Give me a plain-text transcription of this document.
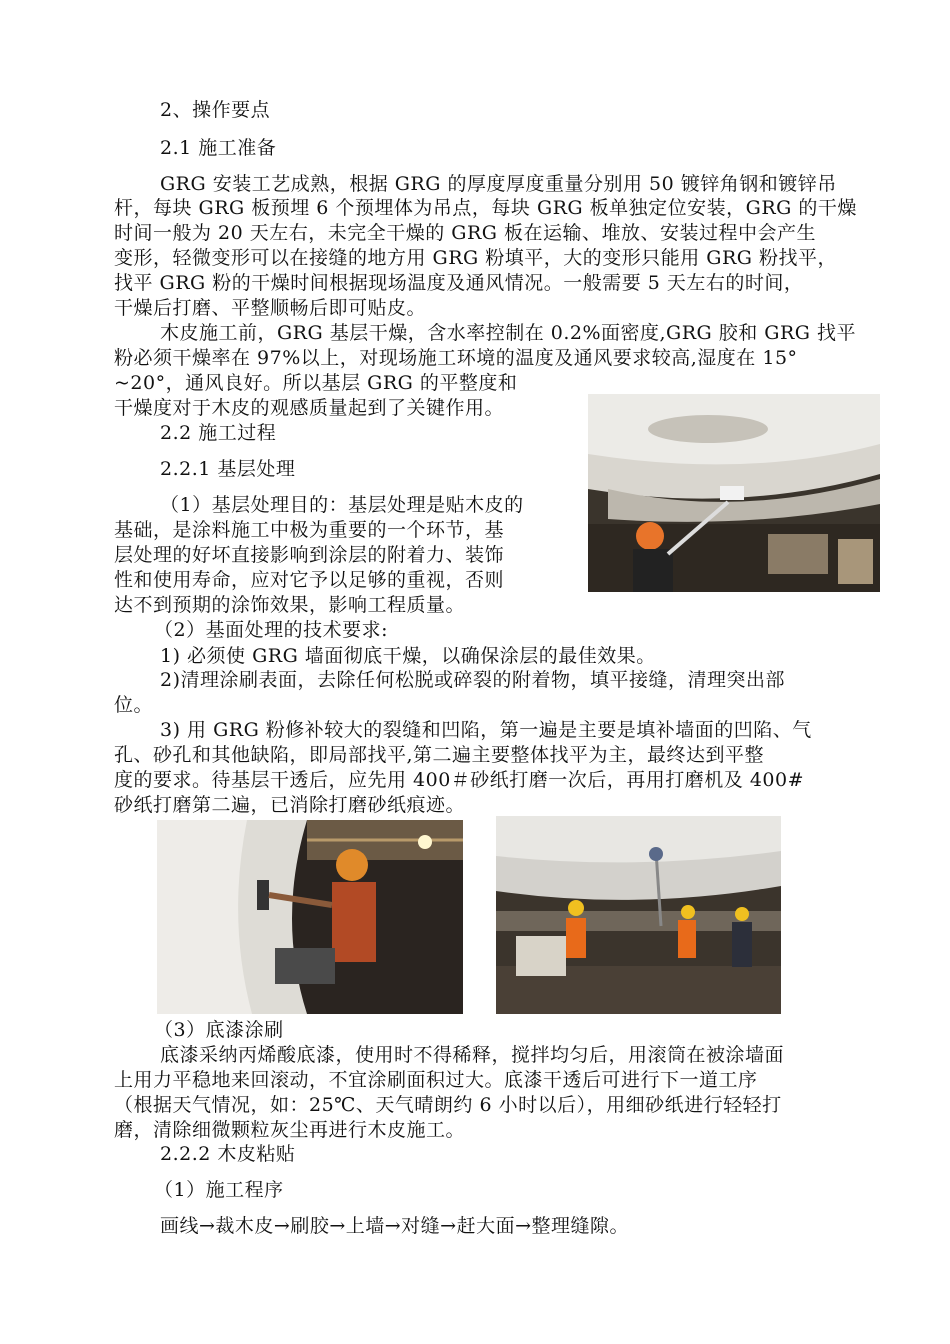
2、操作要点
2.1 施工准备
GRG 安装工艺成熟，根据 GRG 的厚度厚度重量分别用 50 镀锌角钢和镀锌吊
杆，每块 GRG 板预埋 6 个预埋体为吊点，每块 GRG 板单独定位安装，GRG 的干燥
时间一般为 20 天左右，未完全干燥的 GRG 板在运输、堆放、安装过程中会产生
变形，轻微变形可以在接缝的地方用 GRG 粉填平，大的变形只能用 GRG 粉找平，
找平 GRG 粉的干燥时间根据现场温度及通风情况。一般需要 5 天左右的时间，
干燥后打磨、平整顺畅后即可贴皮。
木皮施工前，GRG 基层干燥，含水率控制在 0.2%面密度,GRG 胶和 GRG 找平
粉必须干燥率在 97%以上，对现场施工环境的温度及通风要求较高,湿度在 15°
~20°，通风良好。所以基层 GRG 的平整度和
干燥度对于木皮的观感质量起到了关键作用。
2.2 施工过程
2.2.1 基层处理
（1）基层处理目的：基层处理是贴木皮的
基础，是涂料施工中极为重要的一个环节，基
层处理的好坏直接影响到涂层的附着力、装饰
性和使用寿命，应对它予以足够的重视，否则
达不到预期的涂饰效果，影响工程质量。
（2）基面处理的技术要求:
1) 必须使 GRG 墙面彻底干燥，以确保涂层的最佳效果。
2)清理涂刷表面，去除任何松脱或碎裂的附着物，填平接缝，清理突出部
位。
3) 用 GRG 粉修补较大的裂缝和凹陷，第一遍是主要是填补墙面的凹陷、气
孔、砂孔和其他缺陷，即局部找平,第二遍主要整体找平为主，最终达到平整
度的要求。待基层干透后，应先用 400＃砂纸打磨一次后，再用打磨机及 400#
砂纸打磨第二遍，已消除打磨砂纸痕迹。
（3）底漆涂刷
底漆采纳丙烯酸底漆，使用时不得稀释，搅拌均匀后，用滚筒在被涂墙面
上用力平稳地来回滚动，不宜涂刷面积过大。底漆干透后可进行下一道工序
（根据天气情况，如：25℃、天气晴朗约 6 小时以后），用细砂纸进行轻轻打
磨，清除细微颗粒灰尘再进行木皮施工。
2.2.2 木皮粘贴
（1）施工程序
画线→裁木皮→刷胶→上墙→对缝→赶大面→整理缝隙。
